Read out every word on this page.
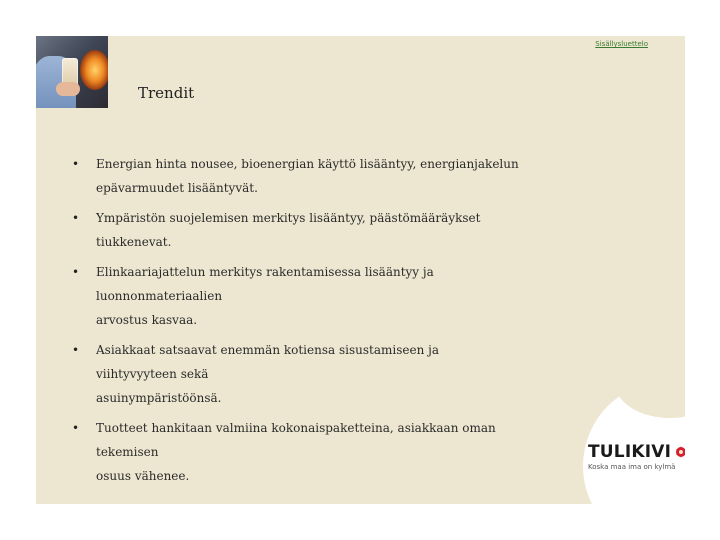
Sisällysluettelo
Trendit
• Energian hinta nousee, bioenergian käyttö lisääntyy, energianjakelun
epävarmuudet lisääntyvät.
• Ympäristön suojelemisen merkitys lisääntyy, päästömääräykset tiukkenevat.
• Elinkaariajattelun merkitys rakentamisessa lisääntyy ja luonnonmateriaalien
arvostus kasvaa.
• Asiakkaat satsaavat enemmän kotiensa sisustamiseen ja viihtyvyyteen sekä
asuinympäristöönsä.
• Tuotteet hankitaan valmiina kokonaispaketteina, asiakkaan oman tekemisen
osuus vähenee.
TULIKIVI
Koska maa ima on kylmä
